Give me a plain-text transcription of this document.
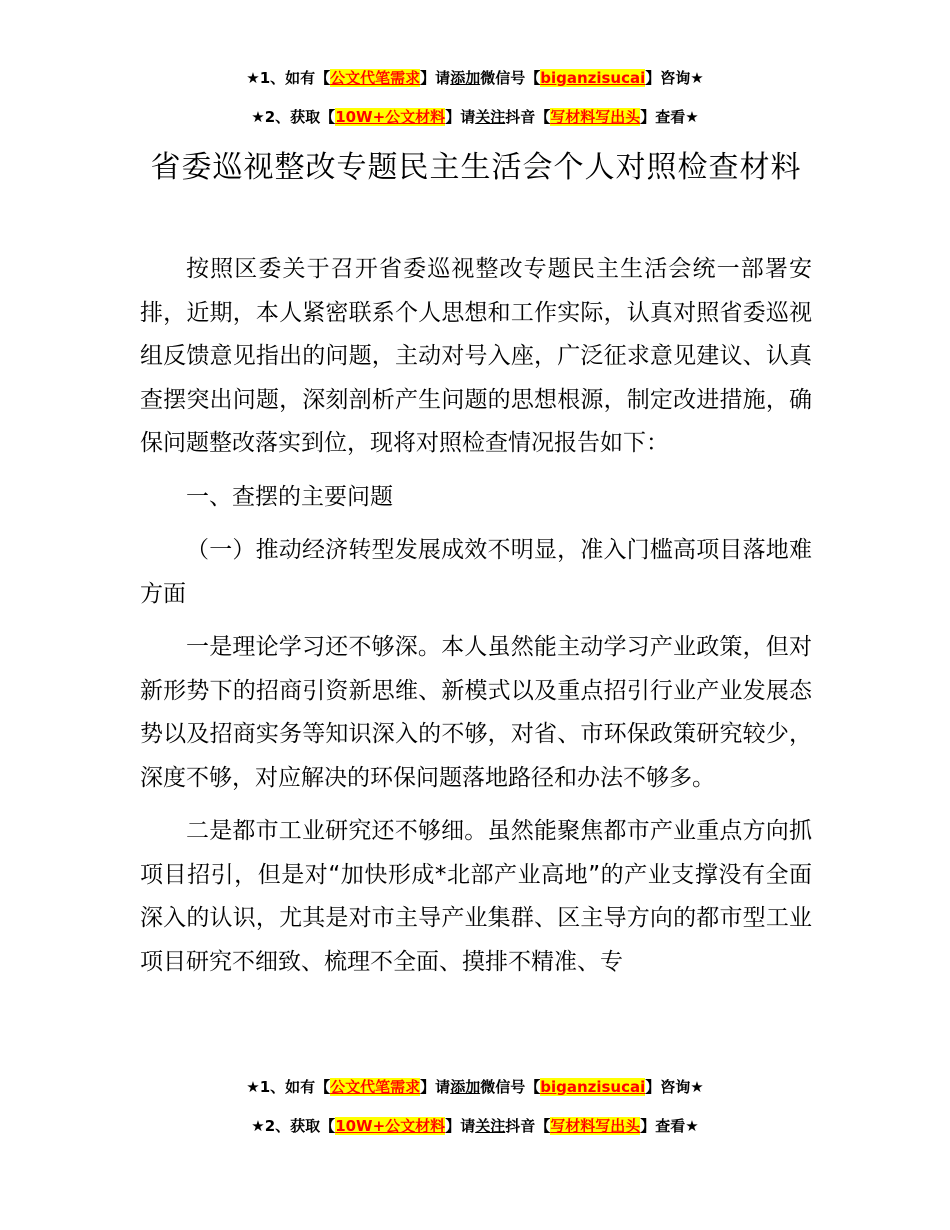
★1、如有【公文代笔需求】请添加微信号【biganzisucai】咨询★
★2、获取【10W+公文材料】请关注抖音【写材料写出头】查看★
省委巡视整改专题民主生活会个人对照检查材料

按照区委关于召开省委巡视整改专题民主生活会统一部署安排，近期，本人紧密联系个人思想和工作实际，认真对照省委巡视组反馈意见指出的问题，主动对号入座，广泛征求意见建议、认真查摆突出问题，深刻剖析产生问题的思想根源，制定改进措施，确保问题整改落实到位，现将对照检查情况报告如下：

一、查摆的主要问题

（一）推动经济转型发展成效不明显，准入门槛高项目落地难方面

一是理论学习还不够深。本人虽然能主动学习产业政策，但对新形势下的招商引资新思维、新模式以及重点招引行业产业发展态势以及招商实务等知识深入的不够，对省、市环保政策研究较少，深度不够，对应解决的环保问题落地路径和办法不够多。

二是都市工业研究还不够细。虽然能聚焦都市产业重点方向抓项目招引，但是对“加快形成*北部产业高地”的产业支撑没有全面深入的认识，尤其是对市主导产业集群、区主导方向的都市型工业项目研究不细致、梳理不全面、摸排不精准、专

★1、如有【公文代笔需求】请添加微信号【biganzisucai】咨询★
★2、获取【10W+公文材料】请关注抖音【写材料写出头】查看★
